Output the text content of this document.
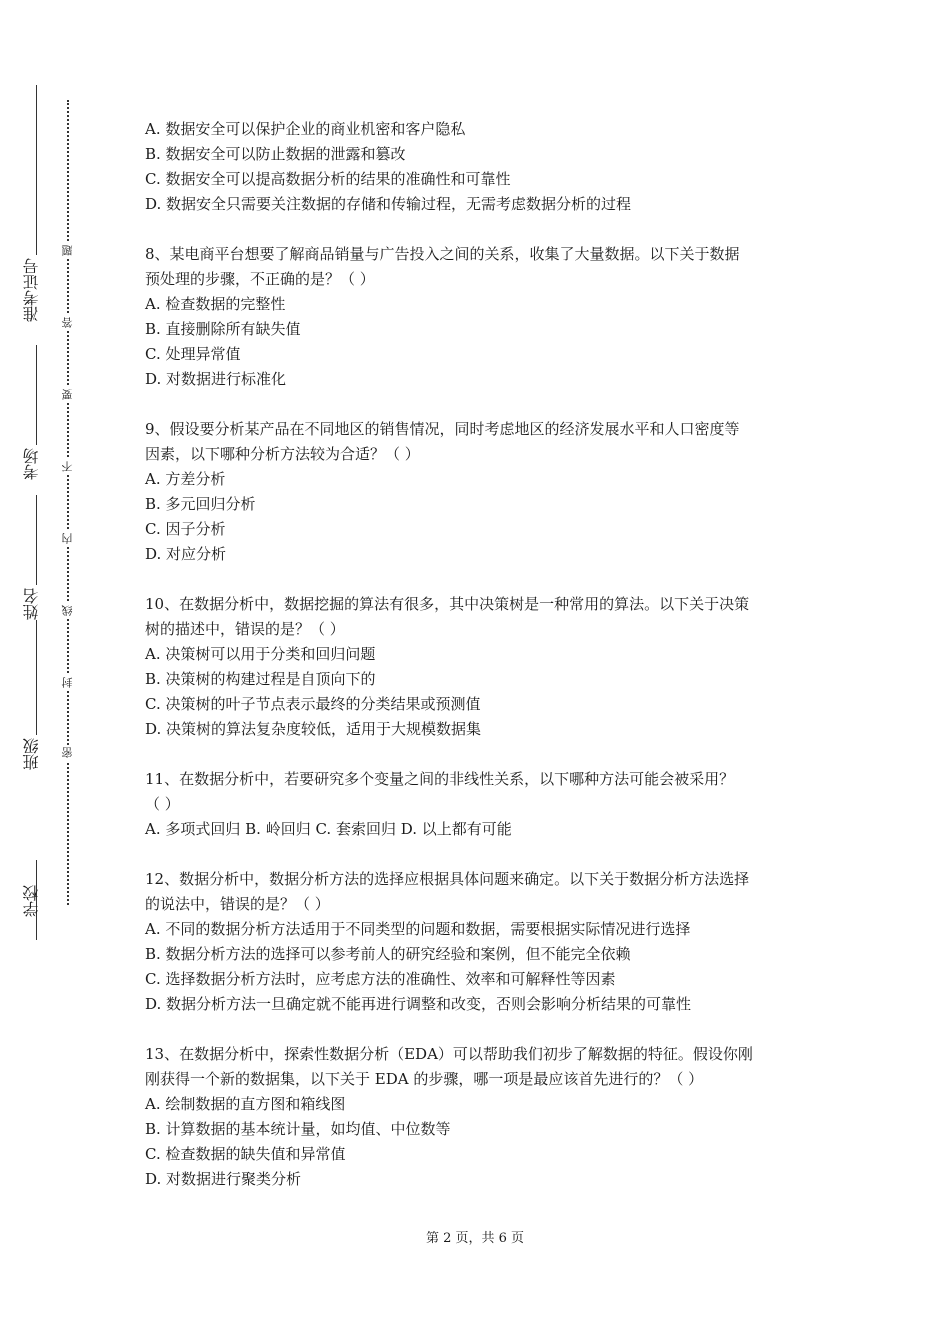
学校
班级
姓名
考场
准考证号
密
封
线
内
不
要
答
题
A. 数据安全可以保护企业的商业机密和客户隐私
B. 数据安全可以防止数据的泄露和篡改
C. 数据安全可以提高数据分析的结果的准确性和可靠性
D. 数据安全只需要关注数据的存储和传输过程，无需考虑数据分析的过程
8、某电商平台想要了解商品销量与广告投入之间的关系，收集了大量数据。以下关于数据
预处理的步骤，不正确的是？（ ）
A. 检查数据的完整性
B. 直接删除所有缺失值
C. 处理异常值
D. 对数据进行标准化
9、假设要分析某产品在不同地区的销售情况，同时考虑地区的经济发展水平和人口密度等
因素，以下哪种分析方法较为合适？（ ）
A. 方差分析
B. 多元回归分析
C. 因子分析
D. 对应分析
10、在数据分析中，数据挖掘的算法有很多，其中决策树是一种常用的算法。以下关于决策
树的描述中，错误的是？（ ）
A. 决策树可以用于分类和回归问题
B. 决策树的构建过程是自顶向下的
C. 决策树的叶子节点表示最终的分类结果或预测值
D. 决策树的算法复杂度较低，适用于大规模数据集
11、在数据分析中，若要研究多个变量之间的非线性关系，以下哪种方法可能会被采用？
（ ）
A. 多项式回归 B. 岭回归 C. 套索回归 D. 以上都有可能
12、数据分析中，数据分析方法的选择应根据具体问题来确定。以下关于数据分析方法选择
的说法中，错误的是？（ ）
A. 不同的数据分析方法适用于不同类型的问题和数据，需要根据实际情况进行选择
B. 数据分析方法的选择可以参考前人的研究经验和案例，但不能完全依赖
C. 选择数据分析方法时，应考虑方法的准确性、效率和可解释性等因素
D. 数据分析方法一旦确定就不能再进行调整和改变，否则会影响分析结果的可靠性
13、在数据分析中，探索性数据分析（EDA）可以帮助我们初步了解数据的特征。假设你刚
刚获得一个新的数据集，以下关于 EDA 的步骤，哪一项是最应该首先进行的？（ ）
A. 绘制数据的直方图和箱线图
B. 计算数据的基本统计量，如均值、中位数等
C. 检查数据的缺失值和异常值
D. 对数据进行聚类分析
第 2 页，共 6 页
